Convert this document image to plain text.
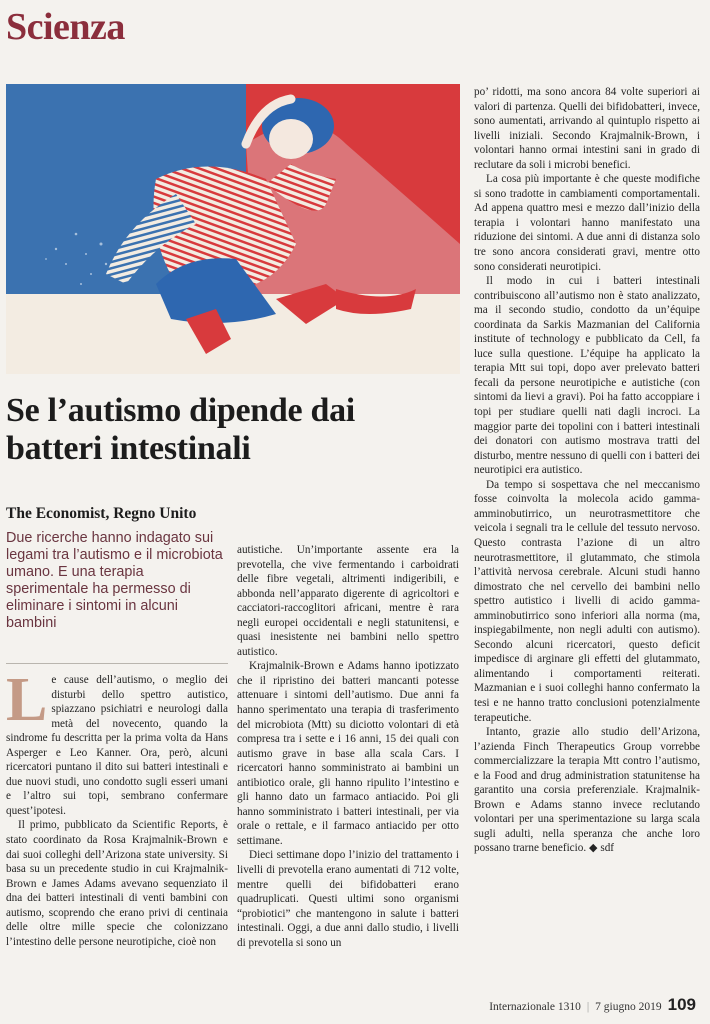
Scienza
Se l’autismo dipende dai batteri intestinali
The Economist, Regno Unito
Due ricerche hanno indagato sui legami tra l’autismo e il microbiota umano. E una terapia sperimentale ha permesso di eliminare i sintomi in alcuni bambini

Le cause dell’autismo, o meglio dei disturbi dello spettro autistico, spiazzano psichiatri e neurologi dalla metà del novecento, quando la sindrome fu descritta per la prima volta da Hans Asperger e Leo Kanner. Ora, però, alcuni ricercatori puntano il dito sui batteri intestinali e due nuovi studi, uno condotto sugli esseri umani e l’altro sui topi, sembrano confermare quest’ipotesi.

Il primo, pubblicato da Scientific Reports, è stato coordinato da Rosa Krajmalnik-Brown e dai suoi colleghi dell’Arizona state university. Si basa su un precedente studio in cui Krajmalnik-Brown e James Adams avevano sequenziato il dna dei batteri intestinali di venti bambini con autismo, scoprendo che erano privi di centinaia delle oltre mille specie che colonizzano l’intestino delle persone neurotipiche, cioè non

autistiche. Un’importante assente era la prevotella, che vive fermentando i carboidrati delle fibre vegetali, altrimenti indigeribili, e abbonda nell’apparato digerente di agricoltori e cacciatori-raccoglitori africani, mentre è rara negli europei occidentali e negli statunitensi, e quasi inesistente nei bambini nello spettro autistico.

Krajmalnik-Brown e Adams hanno ipotizzato che il ripristino dei batteri mancanti potesse attenuare i sintomi dell’autismo. Due anni fa hanno sperimentato una terapia di trasferimento del microbiota (Mtt) su diciotto volontari di età compresa tra i sette e i 16 anni, 15 dei quali con autismo grave in base alla scala Cars. I ricercatori hanno somministrato ai bambini un antibiotico orale, gli hanno ripulito l’intestino e gli hanno dato un farmaco antiacido. Poi gli hanno somministrato i batteri intestinali, per via orale o rettale, e il farmaco antiacido per otto settimane.

Dieci settimane dopo l’inizio del trattamento i livelli di prevotella erano aumentati di 712 volte, mentre quelli dei bifidobatteri erano quadruplicati. Questi ultimi sono organismi “probiotici” che mantengono in salute i batteri intestinali. Oggi, a due anni dallo studio, i livelli di prevotella si sono un

po’ ridotti, ma sono ancora 84 volte superiori ai valori di partenza. Quelli dei bifidobatteri, invece, sono aumentati, arrivando al quintuplo rispetto ai livelli iniziali. Secondo Krajmalnik-Brown, i volontari hanno ormai intestini sani in grado di reclutare da soli i microbi benefici.

La cosa più importante è che queste modifiche si sono tradotte in cambiamenti comportamentali. Ad appena quattro mesi e mezzo dall’inizio della terapia i volontari hanno manifestato una riduzione dei sintomi. A due anni di distanza solo tre sono ancora considerati gravi, mentre otto sono considerati neurotipici.

Il modo in cui i batteri intestinali contribuiscono all’autismo non è stato analizzato, ma il secondo studio, condotto da un’équipe coordinata da Sarkis Mazmanian del California institute of technology e pubblicato da Cell, fa luce sulla questione. L’équipe ha applicato la terapia Mtt sui topi, dopo aver prelevato batteri fecali da persone neurotipiche e autistiche (con sintomi da lievi a gravi). Poi ha fatto accoppiare i topi per studiare quelli nati dagli incroci. La maggior parte dei topolini con i batteri intestinali dei donatori con autismo mostrava tratti del disturbo, mentre nessuno di quelli con i batteri dei neurotipici era autistico.

Da tempo si sospettava che nel meccanismo fosse coinvolta la molecola acido gamma-amminobutirrico, un neurotrasmettitore che veicola i segnali tra le cellule del tessuto nervoso. Questo contrasta l’azione di un altro neurotrasmettitore, il glutammato, che stimola l’attività nervosa cerebrale. Alcuni studi hanno dimostrato che nel cervello dei bambini nello spettro autistico i livelli di acido gamma-amminobutirrico sono inferiori alla norma (ma, inspiegabilmente, non negli adulti con autismo). Secondo alcuni ricercatori, questo deficit impedisce di arginare gli effetti del glutammato, alimentando i comportamenti reiterati. Mazmanian e i suoi colleghi hanno confermato la tesi e ne hanno tratto conclusioni potenzialmente terapeutiche.

Intanto, grazie allo studio dell’Arizona, l’azienda Finch Therapeutics Group vorrebbe commercializzare la terapia Mtt contro l’autismo, e la Food and drug administration statunitense ha garantito una corsia preferenziale. Krajmalnik-Brown e Adams stanno invece reclutando volontari per una sperimentazione su larga scala sugli adulti, nella speranza che anche loro possano trarne beneficio. ◆ sdf

Internazionale 1310 | 7 giugno 2019 109
